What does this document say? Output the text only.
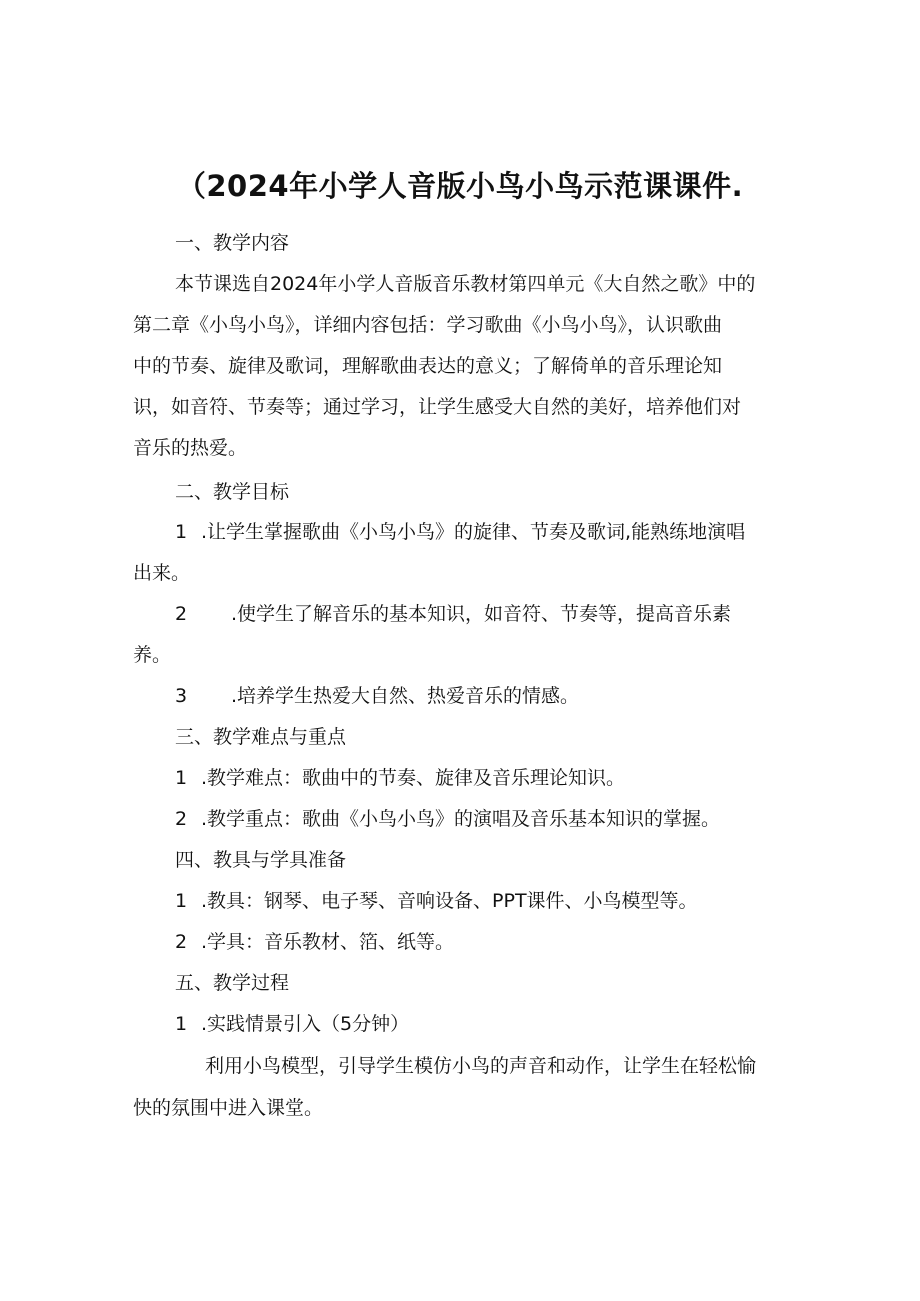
（2024年小学人音版小鸟小鸟示范课课件.
一、教学内容
本节课选自2024年小学人音版音乐教材第四单元《大自然之歌》中的
第二章《小鸟小鸟》，详细内容包括：学习歌曲《小鸟小鸟》，认识歌曲
中的节奏、旋律及歌词，理解歌曲表达的意义；了解倚单的音乐理论知
识，如音符、节奏等；通过学习，让学生感受大自然的美好，培养他们对
音乐的热爱。
二、教学目标
1 .让学生掌握歌曲《小鸟小鸟》的旋律、节奏及歌词,能熟练地演唱
出来。
2 .使学生了解音乐的基本知识，如音符、节奏等，提高音乐素
养。
3 .培养学生热爱大自然、热爱音乐的情感。
三、教学难点与重点
1 .教学难点：歌曲中的节奏、旋律及音乐理论知识。
2 .教学重点：歌曲《小鸟小鸟》的演唱及音乐基本知识的掌握。
四、教具与学具准备
1 .教具：钢琴、电子琴、音响设备、PPT课件、小鸟模型等。
2 .学具：音乐教材、箔、纸等。
五、教学过程
1 .实践情景引入（5分钟）
利用小鸟模型，引导学生模仿小鸟的声音和动作，让学生在轻松愉
快的氛围中进入课堂。
